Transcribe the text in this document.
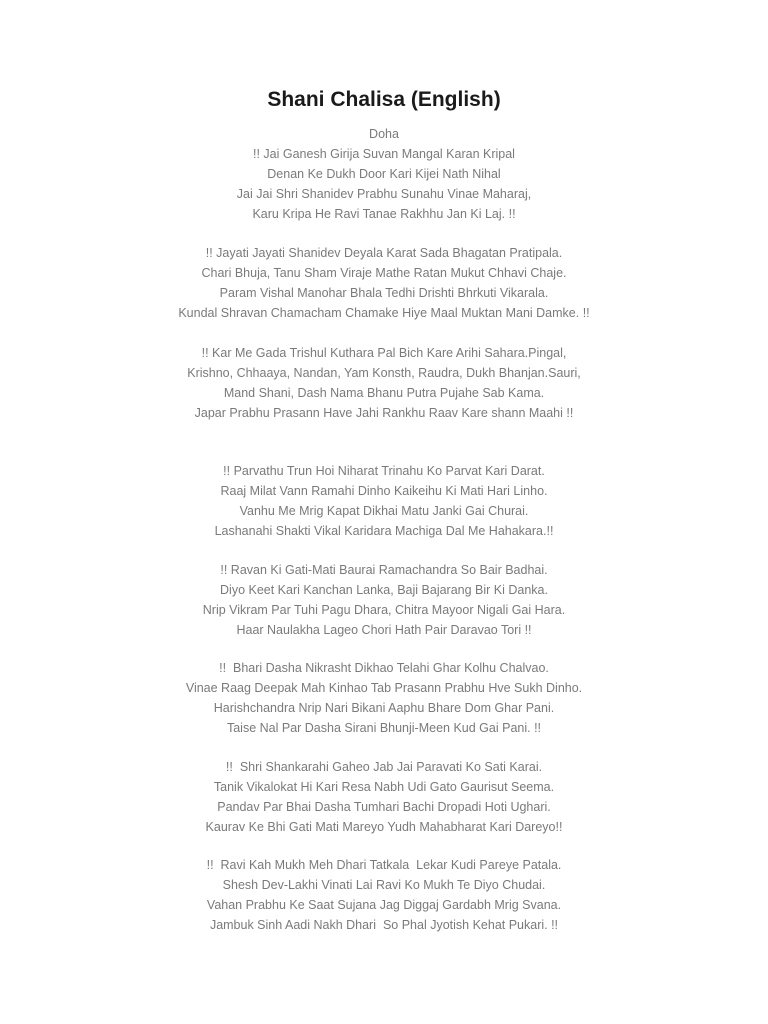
Shani Chalisa (English)
Doha
!! Jai Ganesh Girija Suvan Mangal Karan Kripal
Denan Ke Dukh Door Kari Kijei Nath Nihal
Jai Jai Shri Shanidev Prabhu Sunahu Vinae Maharaj,
Karu Kripa He Ravi Tanae Rakhhu Jan Ki Laj. !!
!! Jayati Jayati Shanidev Deyala Karat Sada Bhagatan Pratipala.
Chari Bhuja, Tanu Sham Viraje Mathe Ratan Mukut Chhavi Chaje.
Param Vishal Manohar Bhala Tedhi Drishti Bhrkuti Vikarala.
Kundal Shravan Chamacham Chamake Hiye Maal Muktan Mani Damke. !!
!! Kar Me Gada Trishul Kuthara Pal Bich Kare Arihi Sahara.Pingal,
Krishno, Chhaaya, Nandan, Yam Konsth, Raudra, Dukh Bhanjan.Sauri,
Mand Shani, Dash Nama Bhanu Putra Pujahe Sab Kama.
Japar Prabhu Prasann Have Jahi Rankhu Raav Kare shann Maahi !!
!! Parvathu Trun Hoi Niharat Trinahu Ko Parvat Kari Darat.
Raaj Milat Vann Ramahi Dinho Kaikeihu Ki Mati Hari Linho.
Vanhu Me Mrig Kapat Dikhai Matu Janki Gai Churai.
Lashanahi Shakti Vikal Karidara Machiga Dal Me Hahakara.!!
!! Ravan Ki Gati-Mati Baurai Ramachandra So Bair Badhai.
Diyo Keet Kari Kanchan Lanka, Baji Bajarang Bir Ki Danka.
Nrip Vikram Par Tuhi Pagu Dhara, Chitra Mayoor Nigali Gai Hara.
Haar Naulakha Lageo Chori Hath Pair Daravao Tori !!
!!  Bhari Dasha Nikrasht Dikhao Telahi Ghar Kolhu Chalvao.
Vinae Raag Deepak Mah Kinhao Tab Prasann Prabhu Hve Sukh Dinho.
Harishchandra Nrip Nari Bikani Aaphu Bhare Dom Ghar Pani.
Taise Nal Par Dasha Sirani Bhunji-Meen Kud Gai Pani. !!
!!  Shri Shankarahi Gaheo Jab Jai Paravati Ko Sati Karai.
Tanik Vikalokat Hi Kari Resa Nabh Udi Gato Gaurisut Seema.
Pandav Par Bhai Dasha Tumhari Bachi Dropadi Hoti Ughari.
Kaurav Ke Bhi Gati Mati Mareyo Yudh Mahabharat Kari Dareyo!!
!!  Ravi Kah Mukh Meh Dhari Tatkala  Lekar Kudi Pareye Patala.
Shesh Dev-Lakhi Vinati Lai Ravi Ko Mukh Te Diyo Chudai.
Vahan Prabhu Ke Saat Sujana Jag Diggaj Gardabh Mrig Svana.
Jambuk Sinh Aadi Nakh Dhari  So Phal Jyotish Kehat Pukari. !!
